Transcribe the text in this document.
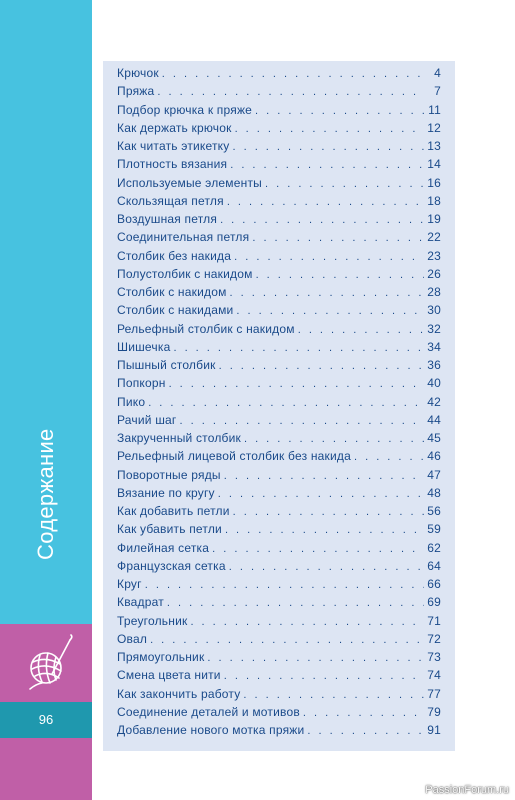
Содержание
96
Крючок . . .	4
Пряжа . . .	7
Подбор крючка к пряже . . .	11
Как держать крючок . . .	12
Как читать этикетку . . .	13
Плотность вязания . . .	14
Используемые элементы . . .	16
Скользящая петля . . .	18
Воздушная петля . . .	19
Соединительная петля . . .	22
Столбик без накида . . .	23
Полустолбик с накидом . . .	26
Столбик с накидом . . .	28
Столбик с накидами . . .	30
Рельефный столбик с накидом . . .	32
Шишечка . . .	34
Пышный столбик . . .	36
Попкорн . . .	40
Пико . . .	42
Рачий шаг . . .	44
Закрученный столбик . . .	45
Рельефный лицевой столбик без накида . . .	46
Поворотные ряды . . .	47
Вязание по кругу . . .	48
Как добавить петли . . .	56
Как убавить петли . . .	59
Филейная сетка . . .	62
Французская сетка . . .	64
Круг . . .	66
Квадрат . . .	69
Треугольник . . .	71
Овал . . .	72
Прямоугольник . . .	73
Смена цвета нити . . .	74
Как закончить работу . . .	77
Соединение деталей и мотивов . . .	79
Добавление нового мотка пряжи . . .	91
PassionForum.ru
